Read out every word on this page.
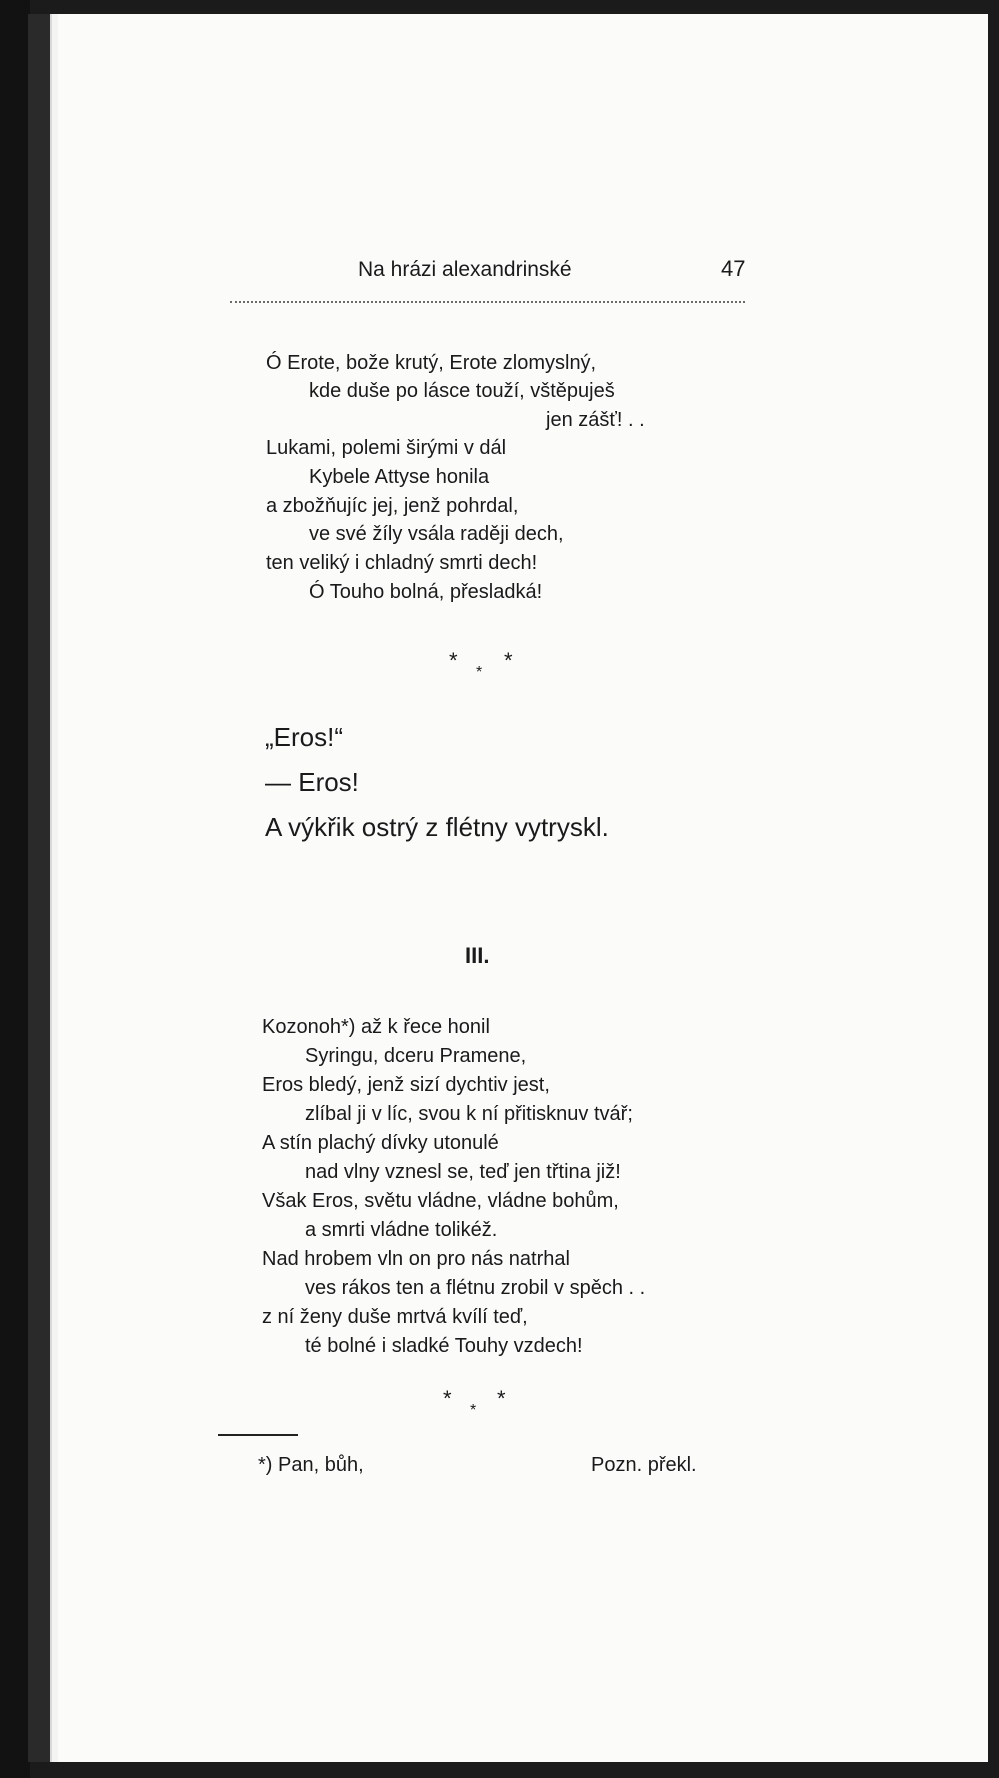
Na hrázi alexandrinské	47
Ó Erote, bože krutý, Erote zlomyslný,
kde duše po lásce touží, vštěpuješ
jen zášť! . .
Lukami, polemi širými v dál
Kybele Attyse honila
a zbožňujíc jej, jenž pohrdal,
ve své žíly vsála raději dech,
ten veliký i chladný smrti dech!
Ó Touho bolná, přesladká!
* * *
„Eros!“
— Eros!
A výkřik ostrý z flétny vytryskl.
III.
Kozonoh*) až k řece honil
Syringu, dceru Pramene,
Eros bledý, jenž sizí dychtiv jest,
zlíbal ji v líc, svou k ní přitisknuv tvář;
A stín plachý dívky utonulé
nad vlny vznesl se, teď jen třtina již!
Však Eros, světu vládne, vládne bohům,
a smrti vládne tolikéž.
Nad hrobem vln on pro nás natrhal
ves rákos ten a flétnu zrobil v spěch . .
z ní ženy duše mrtvá kvílí teď,
té bolné i sladké Touhy vzdech!
* * *
*) Pan, bůh,	Pozn. překl.
